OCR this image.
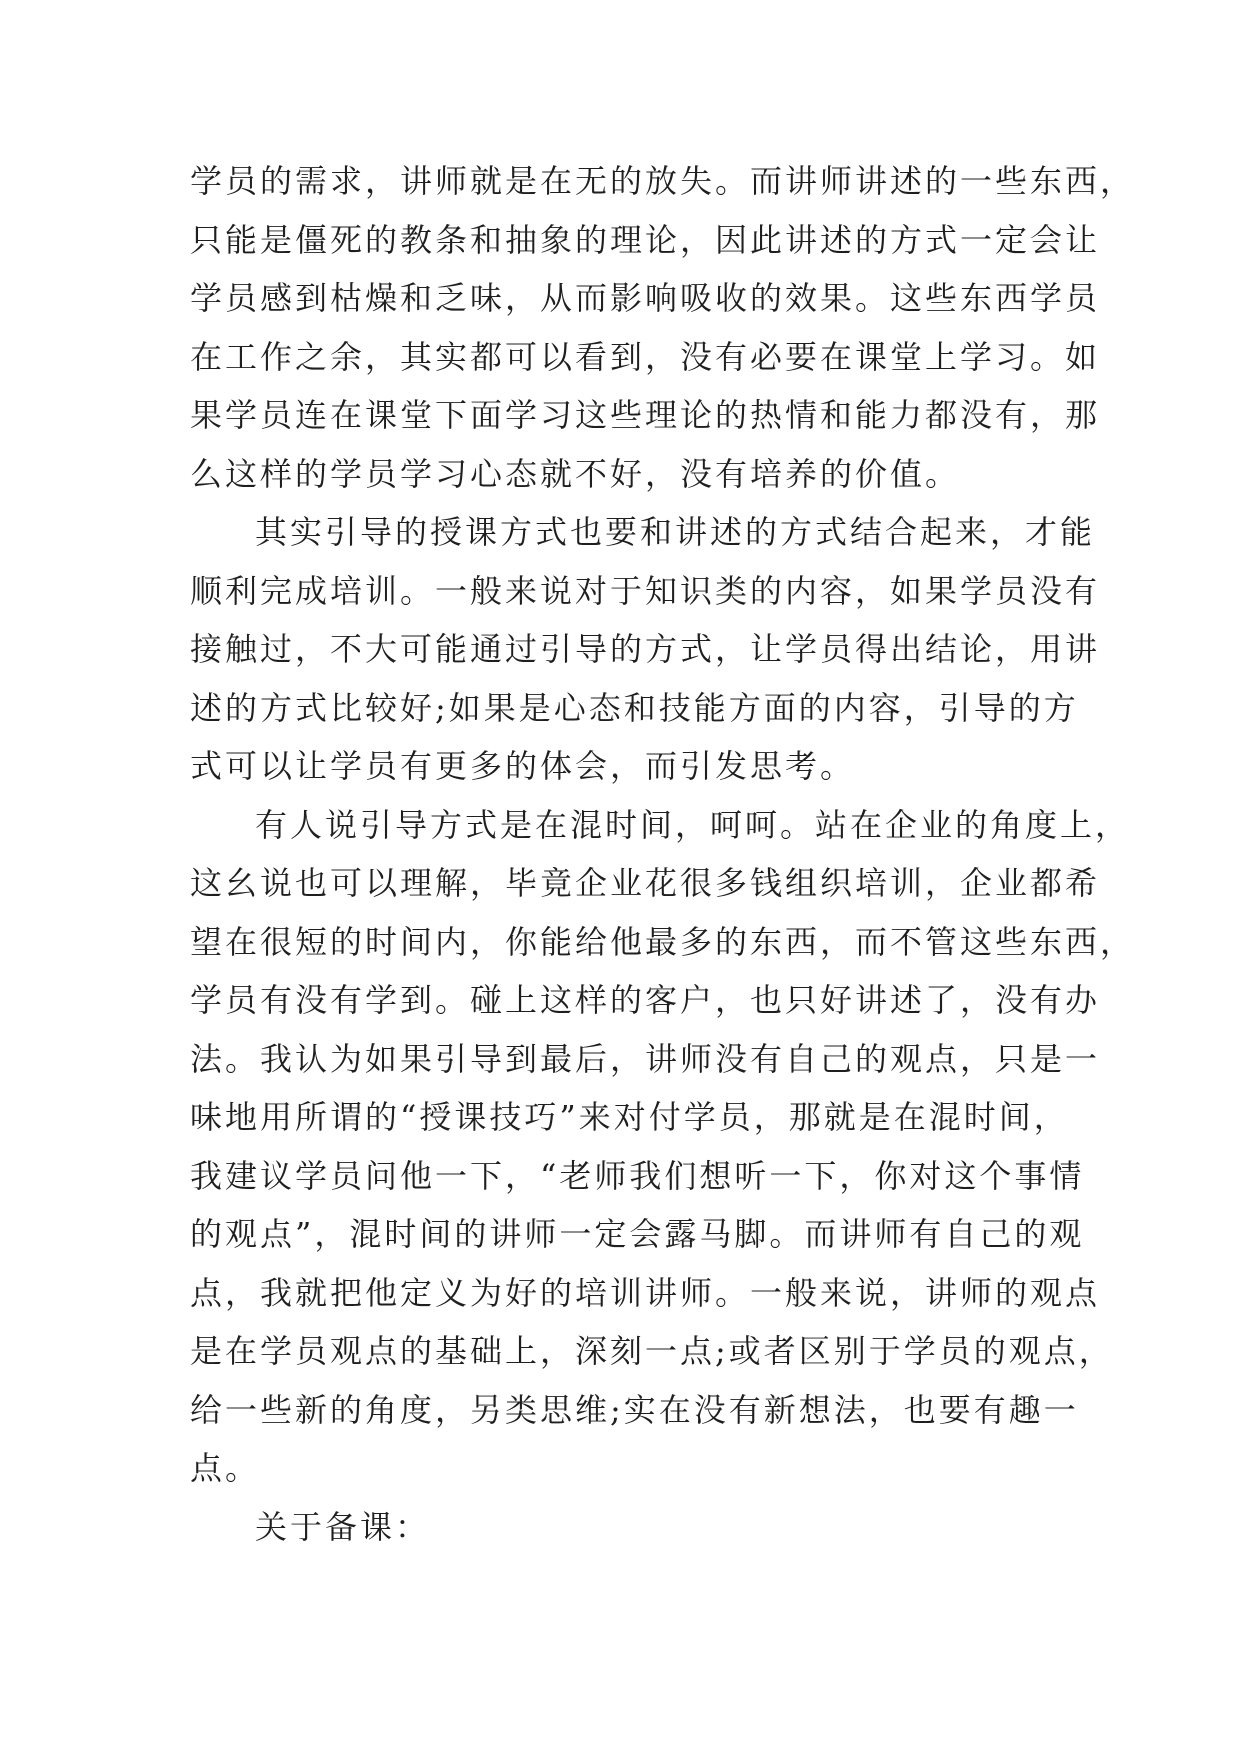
学员的需求，讲师就是在无的放失。而讲师讲述的一些东西，
只能是僵死的教条和抽象的理论，因此讲述的方式一定会让
学员感到枯燥和乏味，从而影响吸收的效果。这些东西学员
在工作之余，其实都可以看到，没有必要在课堂上学习。如
果学员连在课堂下面学习这些理论的热情和能力都没有，那
么这样的学员学习心态就不好，没有培养的价值。
其实引导的授课方式也要和讲述的方式结合起来，才能
顺利完成培训。一般来说对于知识类的内容，如果学员没有
接触过，不大可能通过引导的方式，让学员得出结论，用讲
述的方式比较好;如果是心态和技能方面的内容，引导的方
式可以让学员有更多的体会，而引发思考。
有人说引导方式是在混时间，呵呵。站在企业的角度上，
这幺说也可以理解，毕竟企业花很多钱组织培训，企业都希
望在很短的时间内，你能给他最多的东西，而不管这些东西，
学员有没有学到。碰上这样的客户，也只好讲述了，没有办
法。我认为如果引导到最后，讲师没有自己的观点，只是一
味地用所谓的“授课技巧”来对付学员，那就是在混时间，
我建议学员问他一下，“老师我们想听一下，你对这个事情
的观点”，混时间的讲师一定会露马脚。而讲师有自己的观
点，我就把他定义为好的培训讲师。一般来说，讲师的观点
是在学员观点的基础上，深刻一点;或者区别于学员的观点，
给一些新的角度，另类思维;实在没有新想法，也要有趣一
点。
关于备课：
